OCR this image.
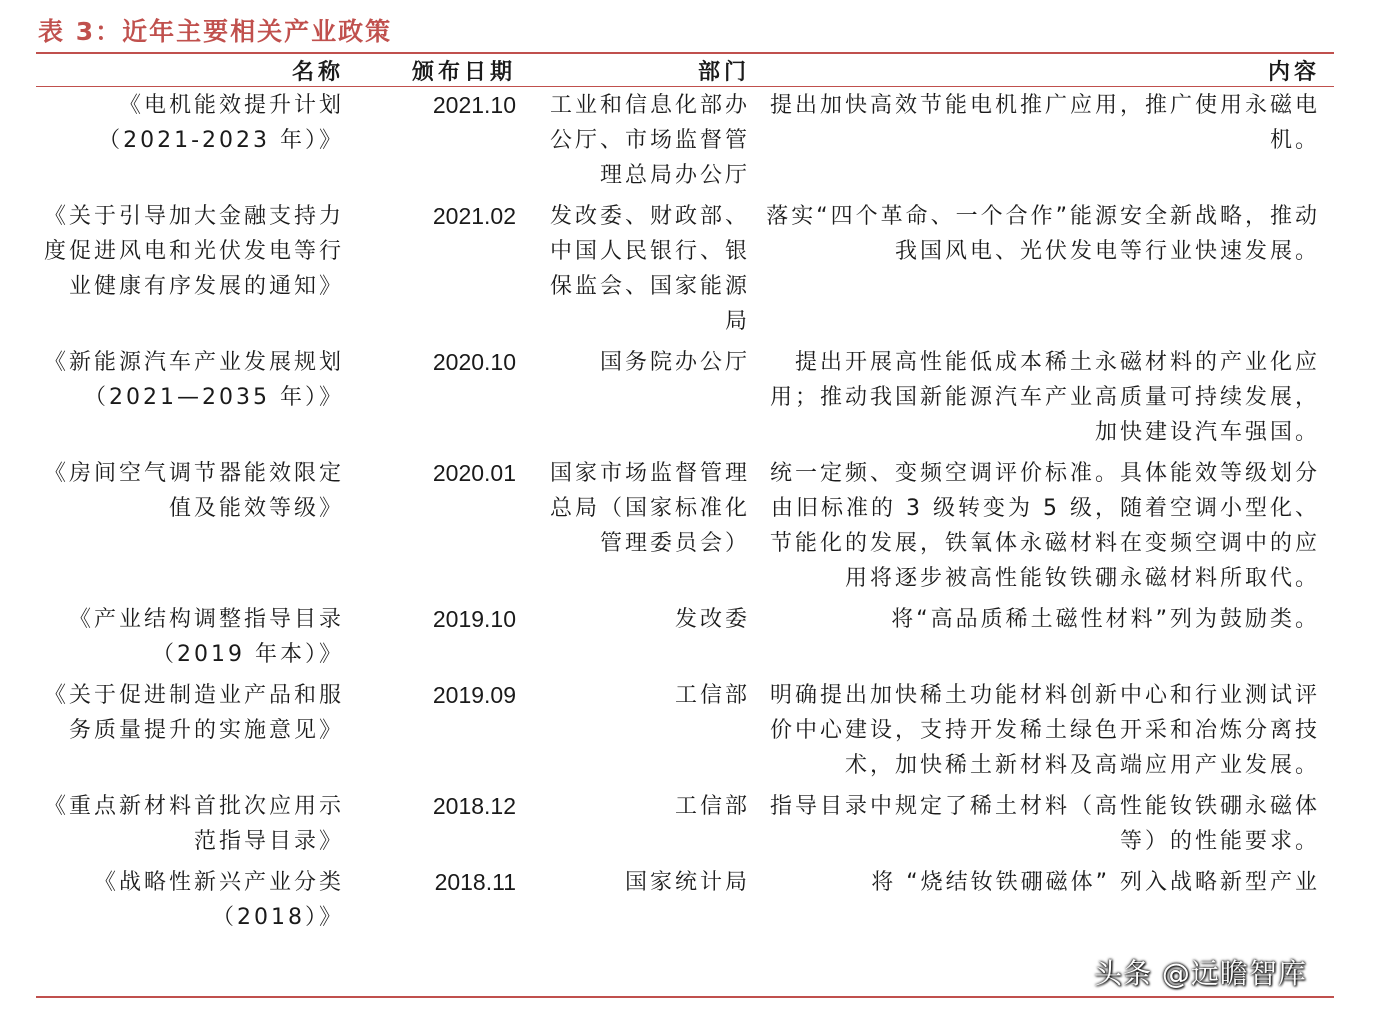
表 3：近年主要相关产业政策
名称	颁布日期	部门	内容
《电机能效提升计划（2021-2023 年）》	2021.10	工业和信息化部办公厅、市场监督管理总局办公厅	提出加快高效节能电机推广应用，推广使用永磁电机。
《关于引导加大金融支持力度促进风电和光伏发电等行业健康有序发展的通知》	2021.02	发改委、财政部、中国人民银行、银保监会、国家能源局	落实“四个革命、一个合作”能源安全新战略，推动我国风电、光伏发电等行业快速发展。
《新能源汽车产业发展规划（2021—2035 年）》	2020.10	国务院办公厅	提出开展高性能低成本稀土永磁材料的产业化应用；推动我国新能源汽车产业高质量可持续发展，加快建设汽车强国。
《房间空气调节器能效限定值及能效等级》	2020.01	国家市场监督管理总局（国家标准化管理委员会）	统一定频、变频空调评价标准。具体能效等级划分由旧标准的 3 级转变为 5 级，随着空调小型化、节能化的发展，铁氧体永磁材料在变频空调中的应用将逐步被高性能钕铁硼永磁材料所取代。
《产业结构调整指导目录（2019 年本）》	2019.10	发改委	将“高品质稀土磁性材料”列为鼓励类。
《关于促进制造业产品和服务质量提升的实施意见》	2019.09	工信部	明确提出加快稀土功能材料创新中心和行业测试评价中心建设，支持开发稀土绿色开采和冶炼分离技术，加快稀土新材料及高端应用产业发展。
《重点新材料首批次应用示范指导目录》	2018.12	工信部	指导目录中规定了稀土材料（高性能钕铁硼永磁体等）的性能要求。
《战略性新兴产业分类（2018）》	2018.11	国家统计局	将 “烧结钕铁硼磁体” 列入战略新型产业
头条 @远瞻智库
